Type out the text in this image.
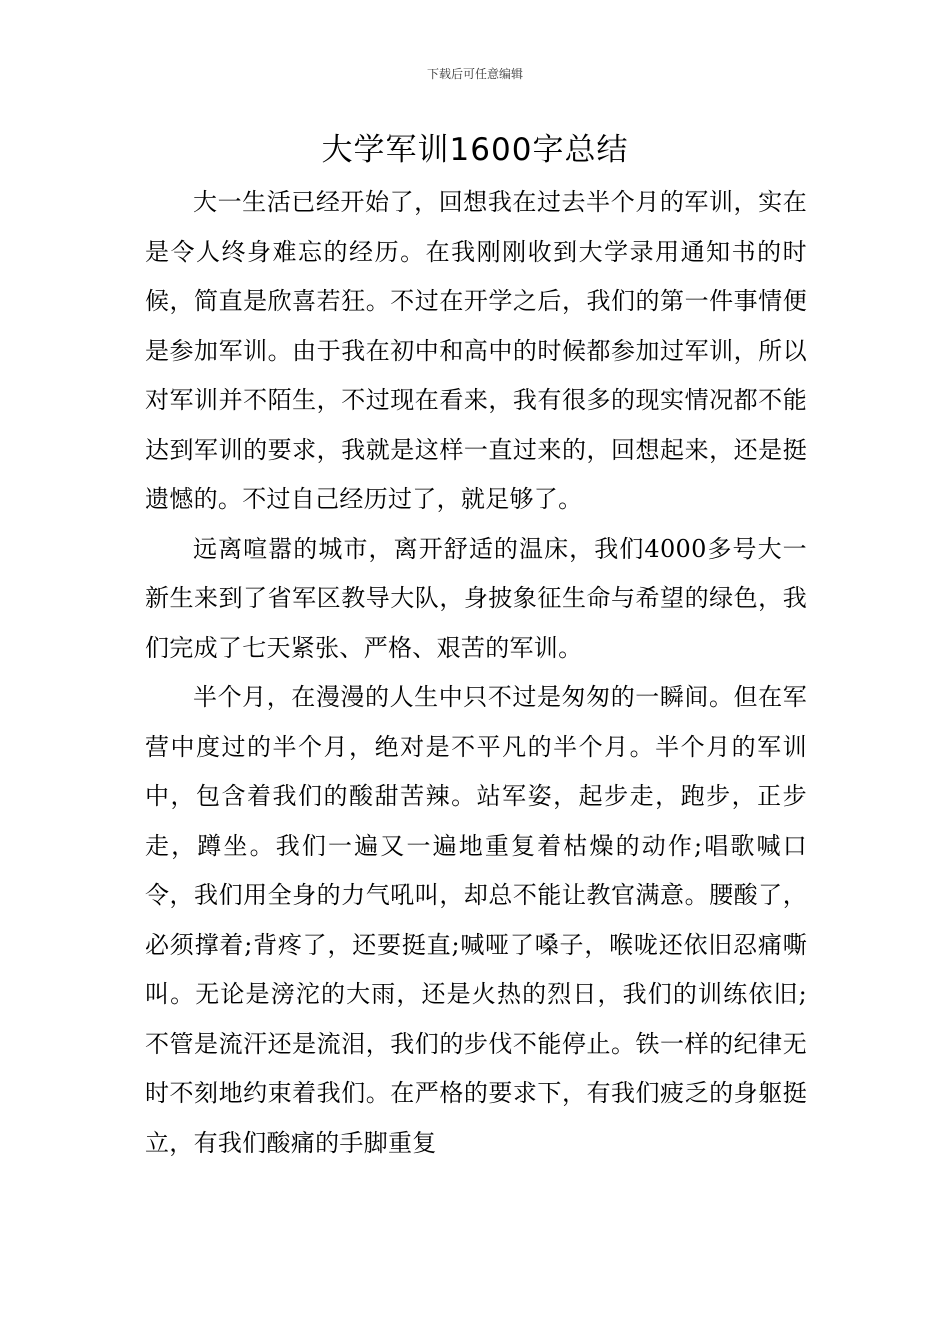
下载后可任意编辑
大学军训1600字总结

大一生活已经开始了，回想我在过去半个月的军训，实在是令人终身难忘的经历。在我刚刚收到大学录用通知书的时候，简直是欣喜若狂。不过在开学之后，我们的第一件事情便是参加军训。由于我在初中和高中的时候都参加过军训，所以对军训并不陌生，不过现在看来，我有很多的现实情况都不能达到军训的要求，我就是这样一直过来的，回想起来，还是挺遗憾的。不过自己经历过了，就足够了。

远离喧嚣的城市，离开舒适的温床，我们4000多号大一新生来到了省军区教导大队，身披象征生命与希望的绿色，我们完成了七天紧张、严格、艰苦的军训。

半个月，在漫漫的人生中只不过是匆匆的一瞬间。但在军营中度过的半个月，绝对是不平凡的半个月。半个月的军训中，包含着我们的酸甜苦辣。站军姿，起步走，跑步，正步走，蹲坐。我们一遍又一遍地重复着枯燥的动作;唱歌喊口令，我们用全身的力气吼叫，却总不能让教官满意。腰酸了，必须撑着;背疼了，还要挺直;喊哑了嗓子，喉咙还依旧忍痛嘶叫。无论是滂沱的大雨，还是火热的烈日，我们的训练依旧;不管是流汗还是流泪，我们的步伐不能停止。铁一样的纪律无时不刻地约束着我们。在严格的要求下，有我们疲乏的身躯挺立，有我们酸痛的手脚重复
